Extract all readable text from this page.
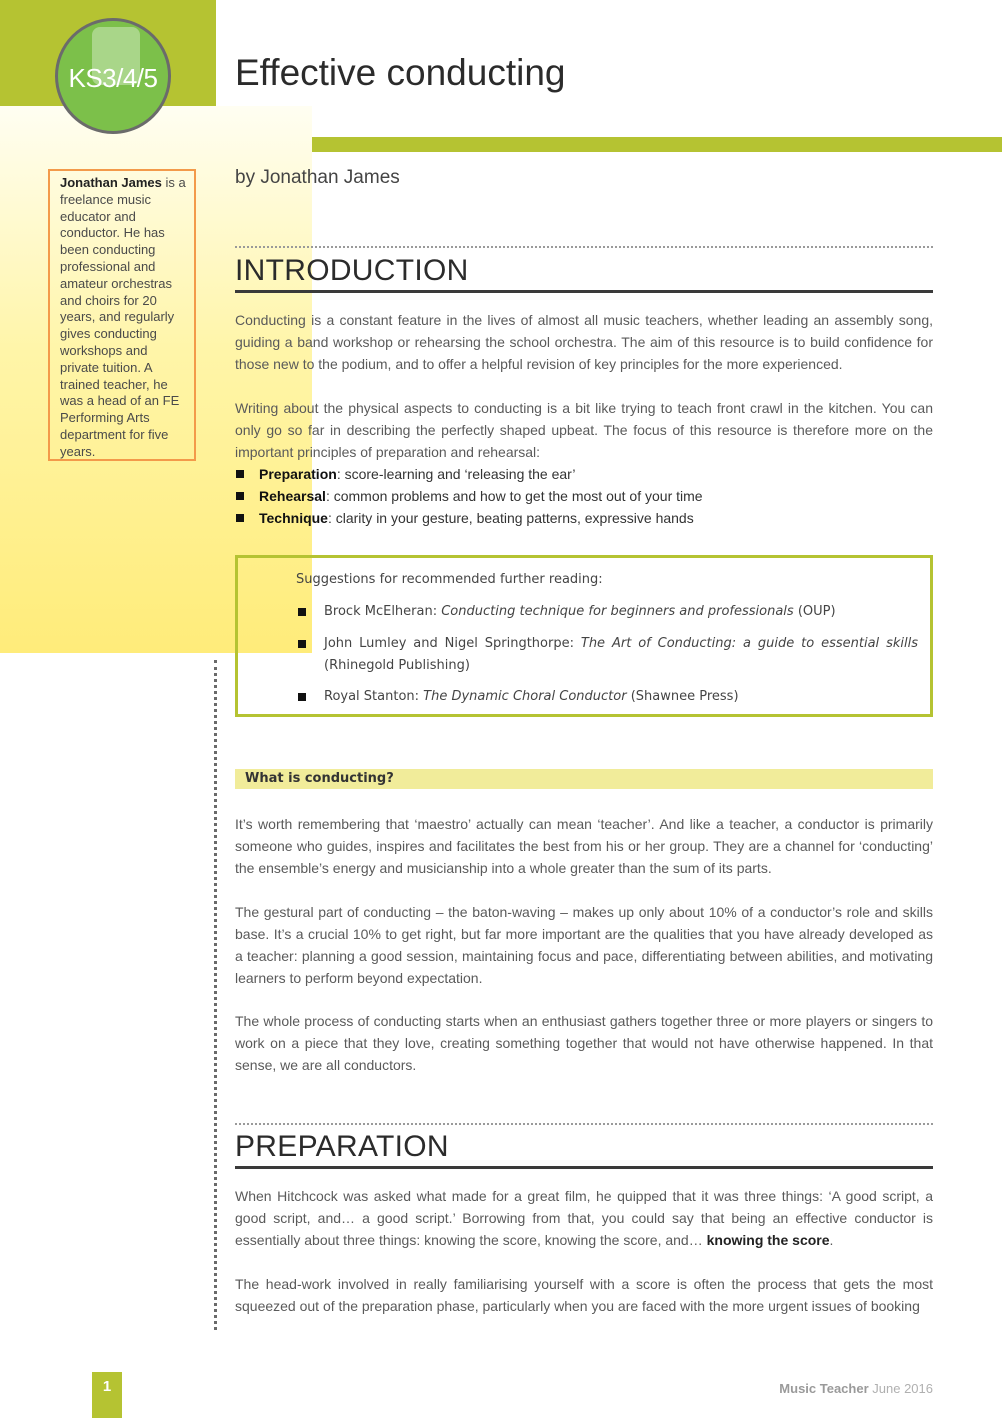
KS3/4/5 Effective conducting
Jonathan James is a freelance music educator and conductor. He has been conducting professional and amateur orchestras and choirs for 20 years, and regularly gives conducting workshops and private tuition. A trained teacher, he was a head of an FE Performing Arts department for five years.
by Jonathan James
INTRODUCTION

Conducting is a constant feature in the lives of almost all music teachers, whether leading an assembly song, guiding a band workshop or rehearsing the school orchestra. The aim of this resource is to build confidence for those new to the podium, and to offer a helpful revision of key principles for the more experienced.

Writing about the physical aspects to conducting is a bit like trying to teach front crawl in the kitchen. You can only go so far in describing the perfectly shaped upbeat. The focus of this resource is therefore more on the important principles of preparation and rehearsal:

Preparation: score-learning and ‘releasing the ear’
Rehearsal: common problems and how to get the most out of your time
Technique: clarity in your gesture, beating patterns, expressive hands
Suggestions for recommended further reading:
Brock McElheran: Conducting technique for beginners and professionals (OUP)
John Lumley and Nigel Springthorpe: The Art of Conducting: a guide to essential skills (Rhinegold Publishing)
Royal Stanton: The Dynamic Choral Conductor (Shawnee Press)
What is conducting?

It’s worth remembering that ‘maestro’ actually can mean ‘teacher’. And like a teacher, a conductor is primarily someone who guides, inspires and facilitates the best from his or her group. They are a channel for ‘conducting’ the ensemble’s energy and musicianship into a whole greater than the sum of its parts.

The gestural part of conducting – the baton-waving – makes up only about 10% of a conductor’s role and skills base. It’s a crucial 10% to get right, but far more important are the qualities that you have already developed as a teacher: planning a good session, maintaining focus and pace, differentiating between abilities, and motivating learners to perform beyond expectation.

The whole process of conducting starts when an enthusiast gathers together three or more players or singers to work on a piece that they love, creating something together that would not have otherwise happened. In that sense, we are all conductors.

PREPARATION

When Hitchcock was asked what made for a great film, he quipped that it was three things: ‘A good script, a good script, and… a good script.’ Borrowing from that, you could say that being an effective conductor is essentially about three things: knowing the score, knowing the score, and… knowing the score.

The head-work involved in really familiarising yourself with a score is often the process that gets the most squeezed out of the preparation phase, particularly when you are faced with the more urgent issues of booking

1	Music Teacher June 2016
